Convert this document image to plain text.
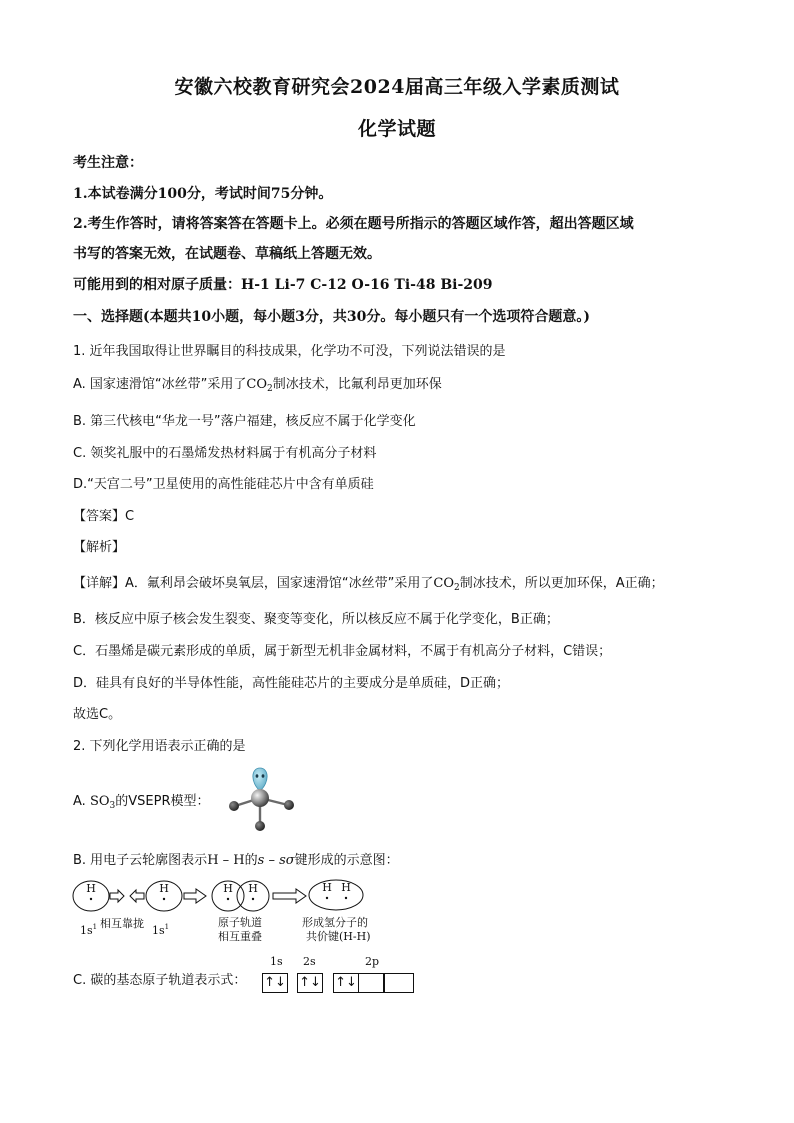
安徽六校教育研究会2024届高三年级入学素质测试
化学试题
考生注意：
1.本试卷满分100分，考试时间75分钟。
2.考生作答时，请将答案答在答题卡上。必须在题号所指示的答题区域作答，超出答题区域
书写的答案无效，在试题卷、草稿纸上答题无效。
可能用到的相对原子质量：H-1 Li-7 C-12 O-16 Ti-48 Bi-209
一、选择题(本题共10小题，每小题3分，共30分。每小题只有一个选项符合题意。)
1. 近年我国取得让世界瞩目的科技成果，化学功不可没，下列说法错误的是
A. 国家速滑馆“冰丝带”采用了$CO_2$制冰技术，比氟利昂更加环保
B. 第三代核电“华龙一号”落户福建，核反应不属于化学变化
C. 领奖礼服中的石墨烯发热材料属于有机高分子材料
D.“天宫二号”卫星使用的高性能硅芯片中含有单质硅
【答案】C
【解析】
【详解】A．氟利昂会破坏臭氧层，国家速滑馆“冰丝带”采用了$CO_2$制冰技术，所以更加环保，A正确；
B．核反应中原子核会发生裂变、聚变等变化，所以核反应不属于化学变化，B正确；
C．石墨烯是碳元素形成的单质，属于新型无机非金属材料，不属于有机高分子材料，C错误；
D．硅具有良好的半导体性能，高性能硅芯片的主要成分是单质硅，D正确；
故选C。
2. 下列化学用语表示正确的是
A. $SO_3$的VSEPR模型：
B. 用电子云轮廓图表示H – H的s – sσ键形成的示意图：
H	H	H H	H H
$1s^1$ 相互靠拢
$1s^1$	原子轨道
相互重叠
形成氢分子的
共价键(H-H)
C. 碳的基态原子轨道表示式：
1s 2s	2p
↑↓ ↑↓ ↑↓
